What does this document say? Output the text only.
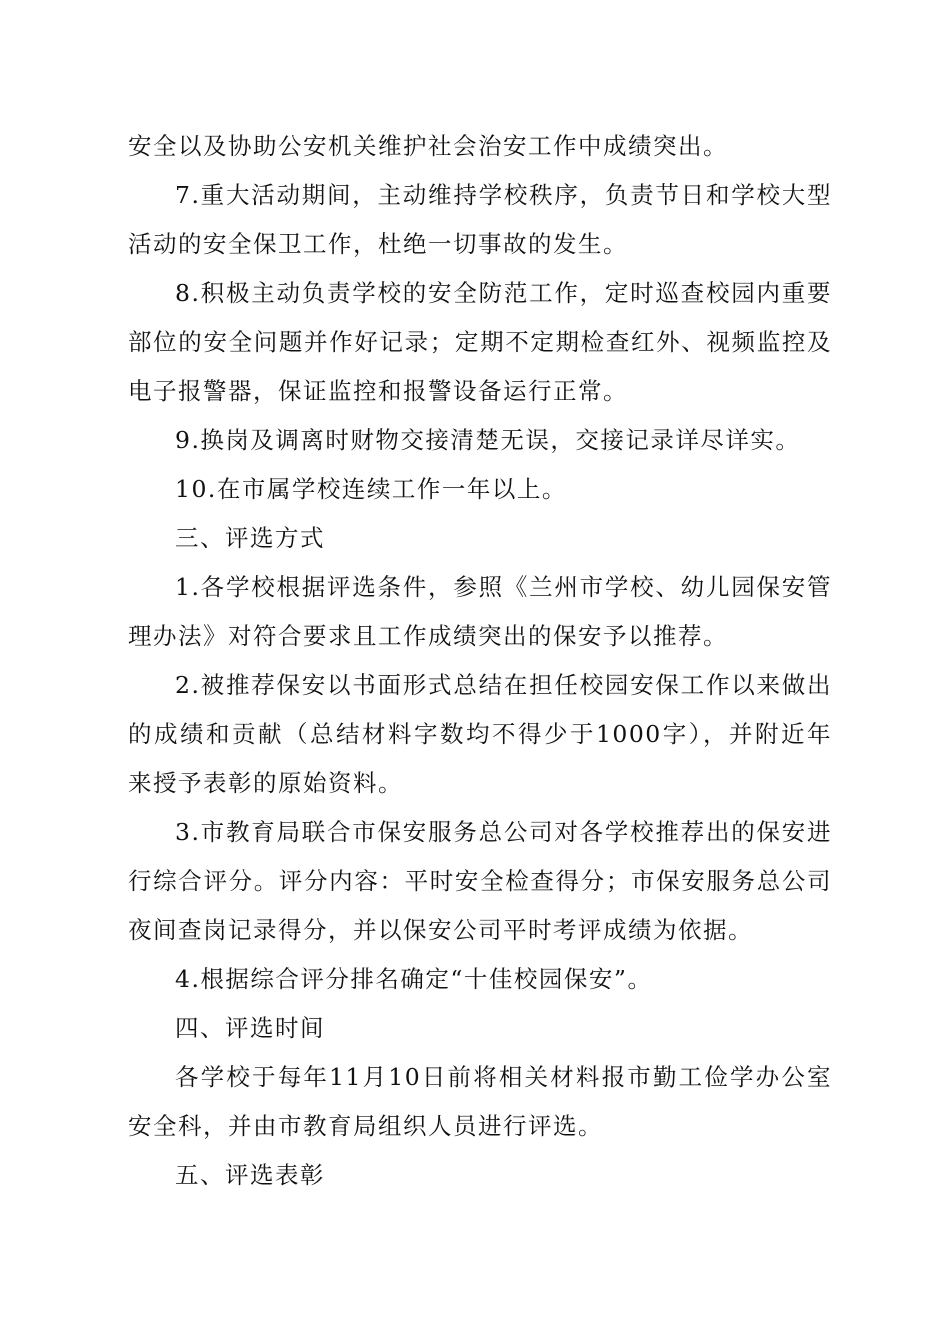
安全以及协助公安机关维护社会治安工作中成绩突出。

7.重大活动期间，主动维持学校秩序，负责节日和学校大型活动的安全保卫工作，杜绝一切事故的发生。

8.积极主动负责学校的安全防范工作，定时巡查校园内重要部位的安全问题并作好记录；定期不定期检查红外、视频监控及电子报警器，保证监控和报警设备运行正常。

9.换岗及调离时财物交接清楚无误，交接记录详尽详实。

10.在市属学校连续工作一年以上。

三、评选方式

1.各学校根据评选条件，参照《兰州市学校、幼儿园保安管理办法》对符合要求且工作成绩突出的保安予以推荐。

2.被推荐保安以书面形式总结在担任校园安保工作以来做出的成绩和贡献（总结材料字数均不得少于1000字），并附近年来授予表彰的原始资料。

3.市教育局联合市保安服务总公司对各学校推荐出的保安进行综合评分。评分内容：平时安全检查得分；市保安服务总公司夜间查岗记录得分，并以保安公司平时考评成绩为依据。

4.根据综合评分排名确定“十佳校园保安”。

四、评选时间

各学校于每年11月10日前将相关材料报市勤工俭学办公室安全科，并由市教育局组织人员进行评选。

五、评选表彰
